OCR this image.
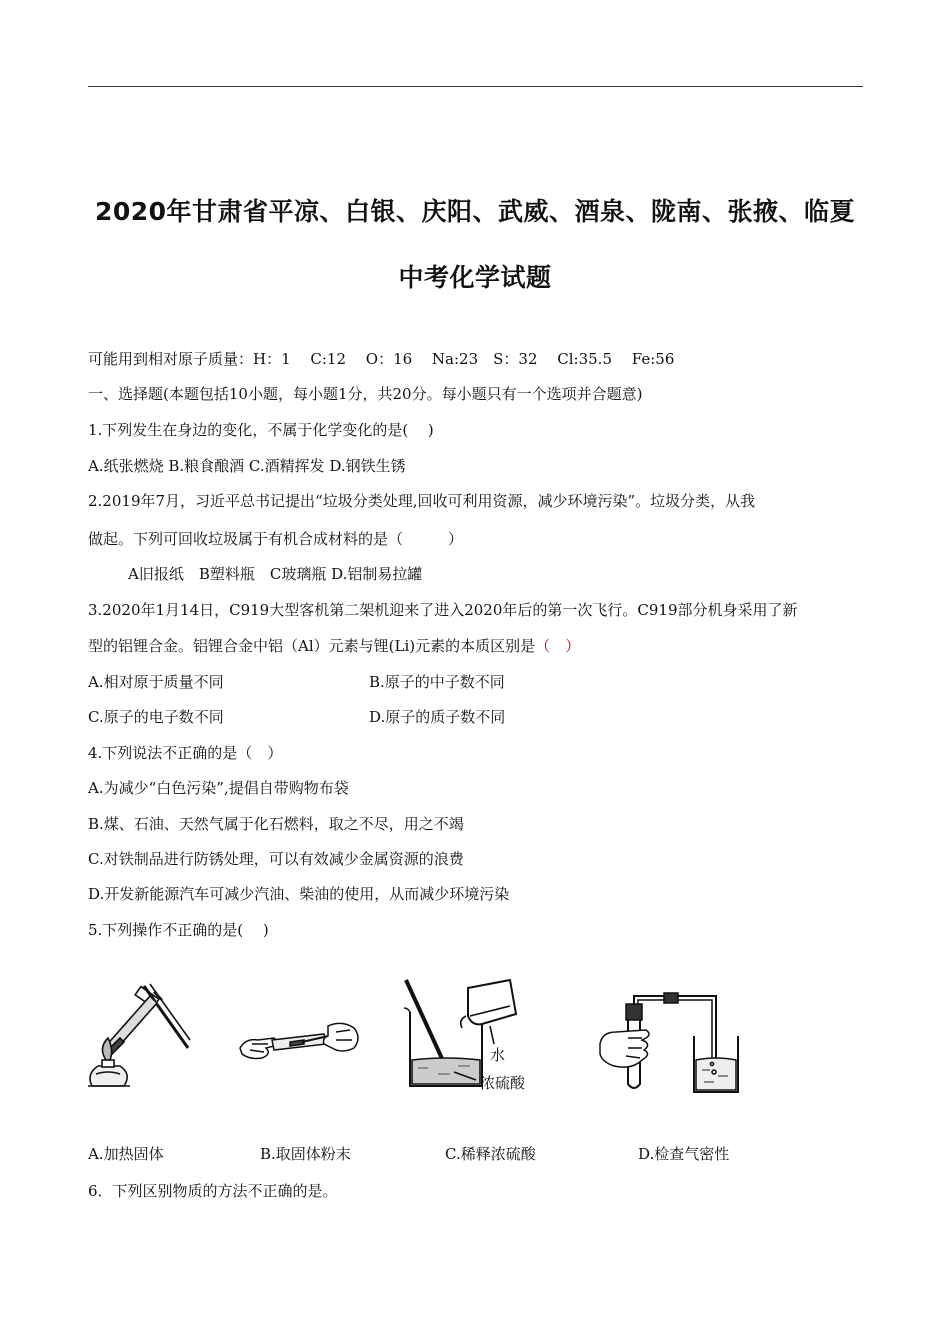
2020年甘肃省平凉、白银、庆阳、武威、酒泉、陇南、张掖、临夏
中考化学试题
可能用到相对原子质量：H：1　 C:12　 O：16　 Na:23　S：32　 Cl:35.5　 Fe:56
一、选择题(本题包括10小题，每小题1分，共20分。每小题只有一个选项并合题意)
1.下列发生在身边的变化，不属于化学变化的是(　 )
A.纸张燃烧 B.粮食酿酒 C.酒精挥发 D.钢铁生锈
2.2019年7月，习近平总书记提出“垃圾分类处理,回收可利用资源，减少环境污染”。垃圾分类，从我
做起。下列可回收垃圾属于有机合成材料的是（　　　）
A旧报纸　B塑料瓶　C玻璃瓶 D.铝制易拉罐
3.2020年1月14日，C919大型客机第二架机迎来了进入2020年后的第一次飞行。C919部分机身采用了新
型的铝锂合金。铝锂合金中铝（Al）元素与锂(Li)元素的本质区别是（　）
A.相对原于质量不同	B.原子的中子数不同
C.原子的电子数不同	D.原子的质子数不同
4.下列说法不正确的是（　）
A.为减少“白色污染”,提倡自带购物布袋
B.煤、石油、天然气属于化石燃料，取之不尽，用之不竭
C.对铁制品进行防锈处理，可以有效减少金属资源的浪费
D.开发新能源汽车可减少汽油、柴油的使用，从而减少环境污染
5.下列操作不正确的是(　 )
水
浓硫酸
A.加热固体	B.取固体粉末	C.稀释浓硫酸	D.检查气密性
6．下列区别物质的方法不正确的是。
